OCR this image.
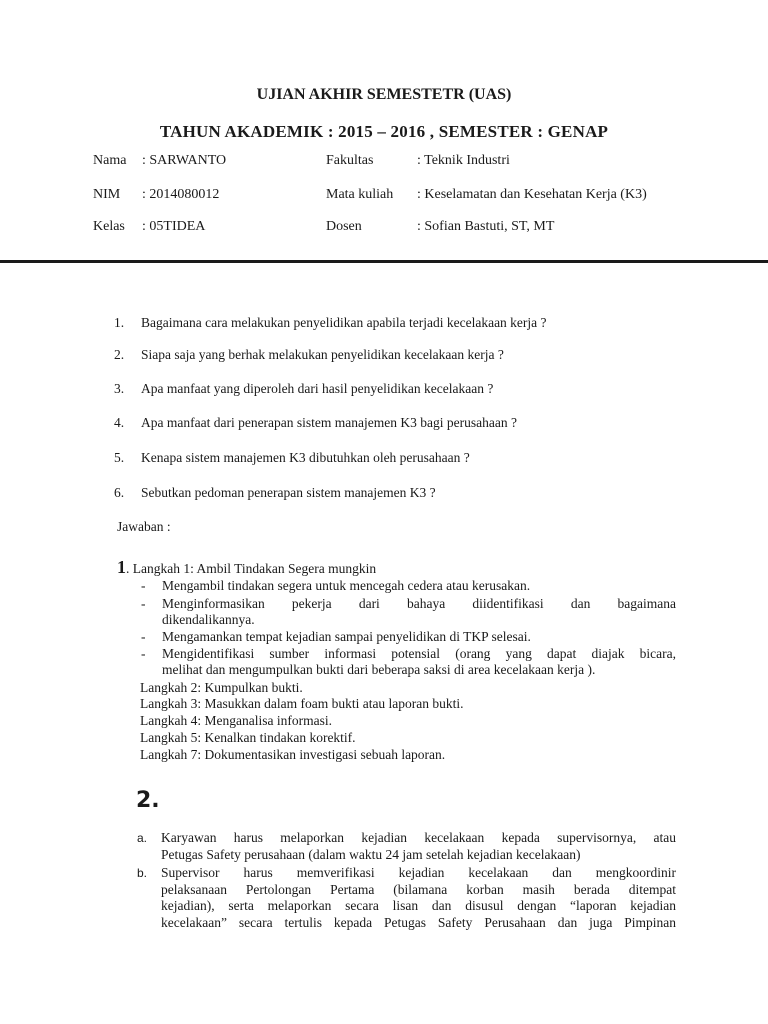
UJIAN AKHIR SEMESTETR (UAS)
TAHUN AKADEMIK : 2015 – 2016 , SEMESTER : GENAP
Nama : SARWANTO	Fakultas	: Teknik Industri
NIM : 2014080012	Mata kuliah : Keselamatan dan Kesehatan Kerja (K3)
Kelas : 05TIDEA	Dosen	: Sofian Bastuti, ST, MT
1.	Bagaimana cara melakukan penyelidikan apabila terjadi kecelakaan kerja ?
2.	Siapa saja yang berhak melakukan penyelidikan kecelakaan kerja ?
3.	Apa manfaat yang diperoleh dari hasil penyelidikan kecelakaan ?
4.	Apa manfaat dari penerapan sistem manajemen K3 bagi perusahaan ?
5.	Kenapa sistem manajemen K3 dibutuhkan oleh perusahaan ?
6.	Sebutkan pedoman penerapan sistem manajemen K3 ?
Jawaban :
1. Langkah 1: Ambil Tindakan Segera mungkin
- Mengambil tindakan segera untuk mencegah cedera atau kerusakan.
- Menginformasikan pekerja dari bahaya diidentifikasi dan bagaimana
dikendalikannya.
- Mengamankan tempat kejadian sampai penyelidikan di TKP selesai.
- Mengidentifikasi sumber informasi potensial (orang yang dapat diajak bicara,
melihat dan mengumpulkan bukti dari beberapa saksi di area kecelakaan kerja ).
Langkah 2: Kumpulkan bukti.
Langkah 3: Masukkan dalam foam bukti atau laporan bukti.
Langkah 4: Menganalisa informasi.
Langkah 5: Kenalkan tindakan korektif.
Langkah 7: Dokumentasikan investigasi sebuah laporan.
2.
a. Karyawan harus melaporkan kejadian kecelakaan kepada supervisornya, atau
Petugas Safety perusahaan (dalam waktu 24 jam setelah kejadian kecelakaan)
b. Supervisor harus memverifikasi kejadian kecelakaan dan mengkoordinir
pelaksanaan Pertolongan Pertama (bilamana korban masih berada ditempat
kejadian), serta melaporkan secara lisan dan disusul dengan “laporan kejadian
kecelakaan” secara tertulis kepada Petugas Safety Perusahaan dan juga Pimpinan
